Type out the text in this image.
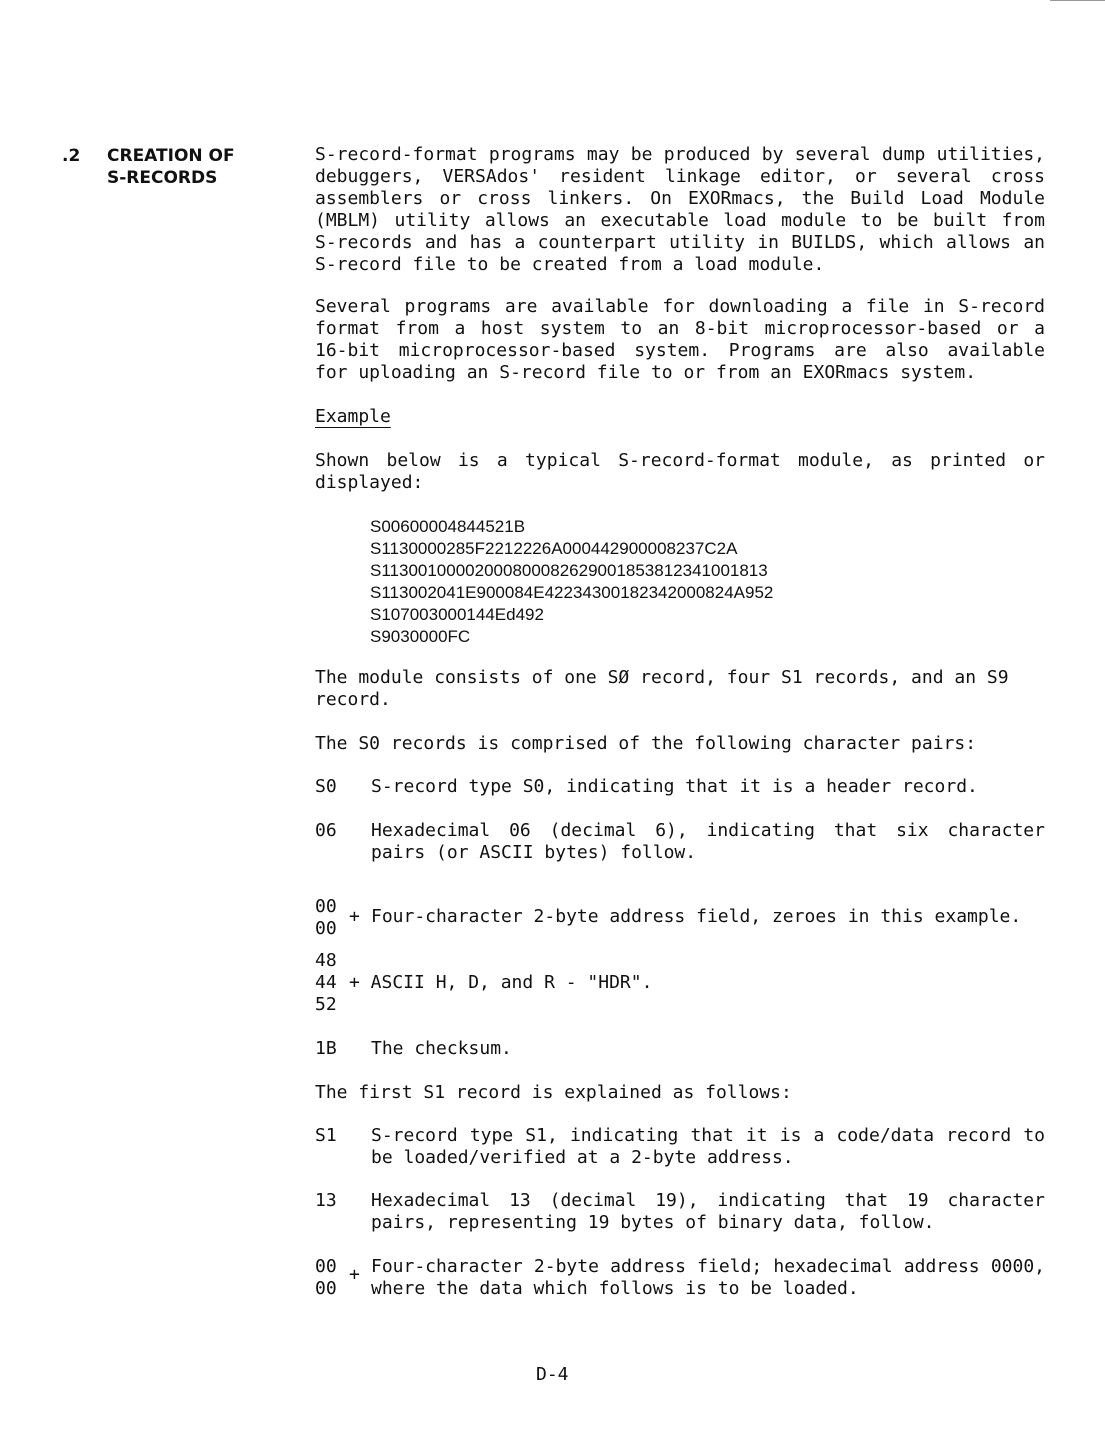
.2 CREATION OF
S-RECORDS
S-record-format programs may be produced by several dump utilities,
debuggers, VERSAdos' resident linkage editor, or several cross
assemblers or cross linkers. On EXORmacs, the Build Load Module
(MBLM) utility allows an executable load module to be built from
S-records and has a counterpart utility in BUILDS, which allows an
S-record file to be created from a load module.
Several programs are available for downloading a file in S-record
format from a host system to an 8-bit microprocessor-based or a
16-bit microprocessor-based system. Programs are also available
for uploading an S-record file to or from an EXORmacs system.
Example
Shown below is a typical S-record-format module, as printed or
displayed:
S00600004844521B
S1130000285F2212226A000442900008237C2A
S11300100002000800082629001853812341001813
S113002041E900084E42234300182342000824A952
S107003000144Ed492
S9030000FC
The module consists of one SØ record, four S1 records, and an S9
record.
The S0 records is comprised of the following character pairs:
S0 S-record type S0, indicating that it is a header record.
06 Hexadecimal 06 (decimal 6), indicating that six character
pairs (or ASCII bytes) follow.
00
00
+ Four-character 2-byte address field, zeroes in this example.
48
44
52
+ ASCII H, D, and R - "HDR".
1B The checksum.
The first S1 record is explained as follows:
S1 S-record type S1, indicating that it is a code/data record to
be loaded/verified at a 2-byte address.
13 Hexadecimal 13 (decimal 19), indicating that 19 character
pairs, representing 19 bytes of binary data, follow.
00
00
+ Four-character 2-byte address field; hexadecimal address 0000,
where the data which follows is to be loaded.
D-4
